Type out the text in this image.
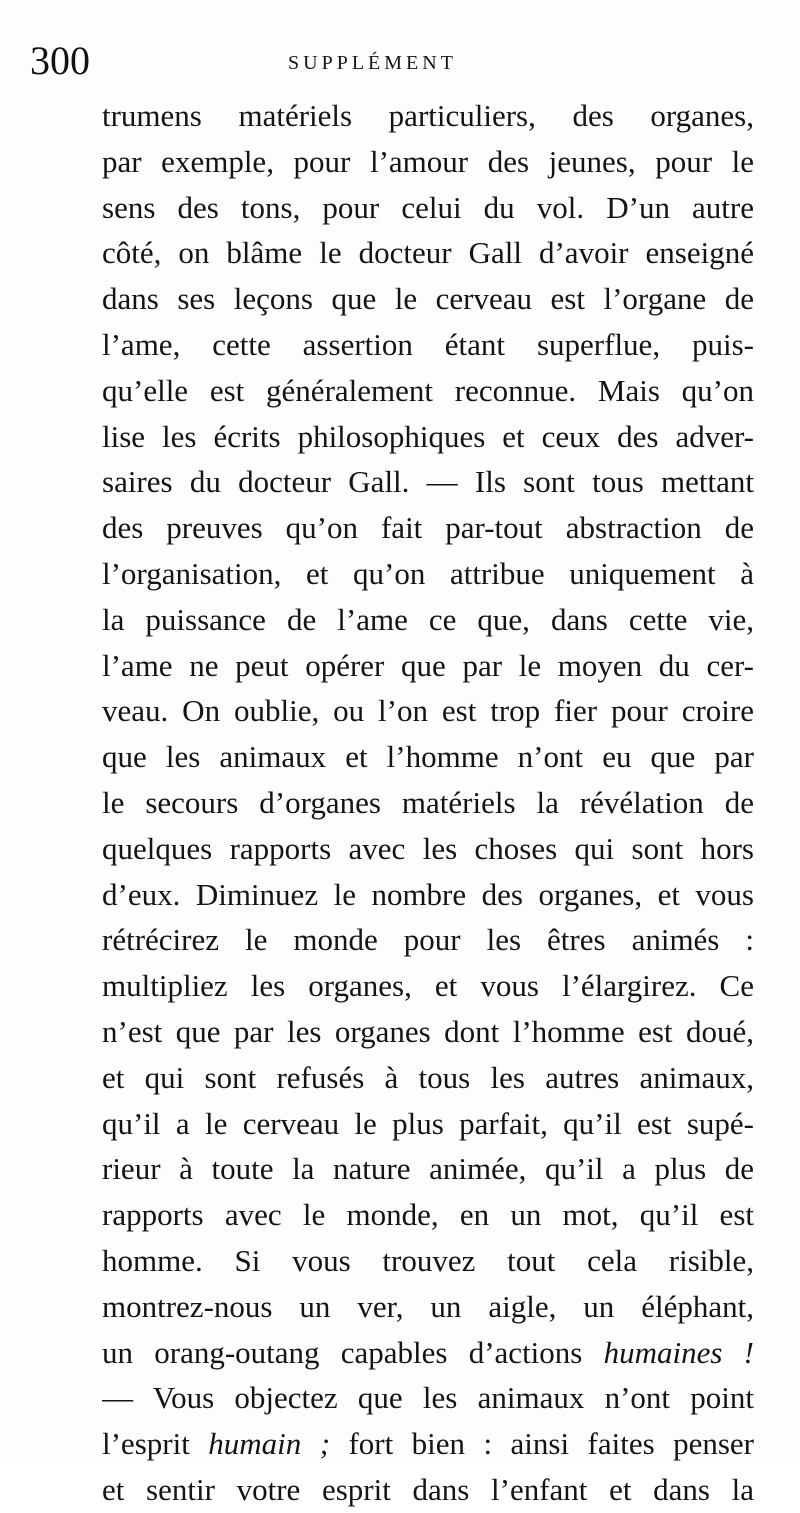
300	SUPPLÉMENT
trumens matériels particuliers, des organes,
par exemple, pour l’amour des jeunes, pour le
sens des tons, pour celui du vol. D’un autre
côté, on blâme le docteur Gall d’avoir enseigné
dans ses leçons que le cerveau est l’organe de
l’ame, cette assertion étant superflue, puis-
qu’elle est généralement reconnue. Mais qu’on
lise les écrits philosophiques et ceux des adver-
saires du docteur Gall. — Ils sont tous mettant
des preuves qu’on fait par-tout abstraction de
l’organisation, et qu’on attribue uniquement à
la puissance de l’ame ce que, dans cette vie,
l’ame ne peut opérer que par le moyen du cer-
veau. On oublie, ou l’on est trop fier pour croire
que les animaux et l’homme n’ont eu que par
le secours d’organes matériels la révélation de
quelques rapports avec les choses qui sont hors
d’eux. Diminuez le nombre des organes, et vous
rétrécirez le monde pour les êtres animés :
multipliez les organes, et vous l’élargirez. Ce
n’est que par les organes dont l’homme est doué,
et qui sont refusés à tous les autres animaux,
qu’il a le cerveau le plus parfait, qu’il est supé-
rieur à toute la nature animée, qu’il a plus de
rapports avec le monde, en un mot, qu’il est
homme. Si vous trouvez tout cela risible,
montrez-nous un ver, un aigle, un éléphant,
un orang-outang capables d’actions humaines !
— Vous objectez que les animaux n’ont point
l’esprit humain ; fort bien : ainsi faites penser
et sentir votre esprit dans l’enfant et dans la
